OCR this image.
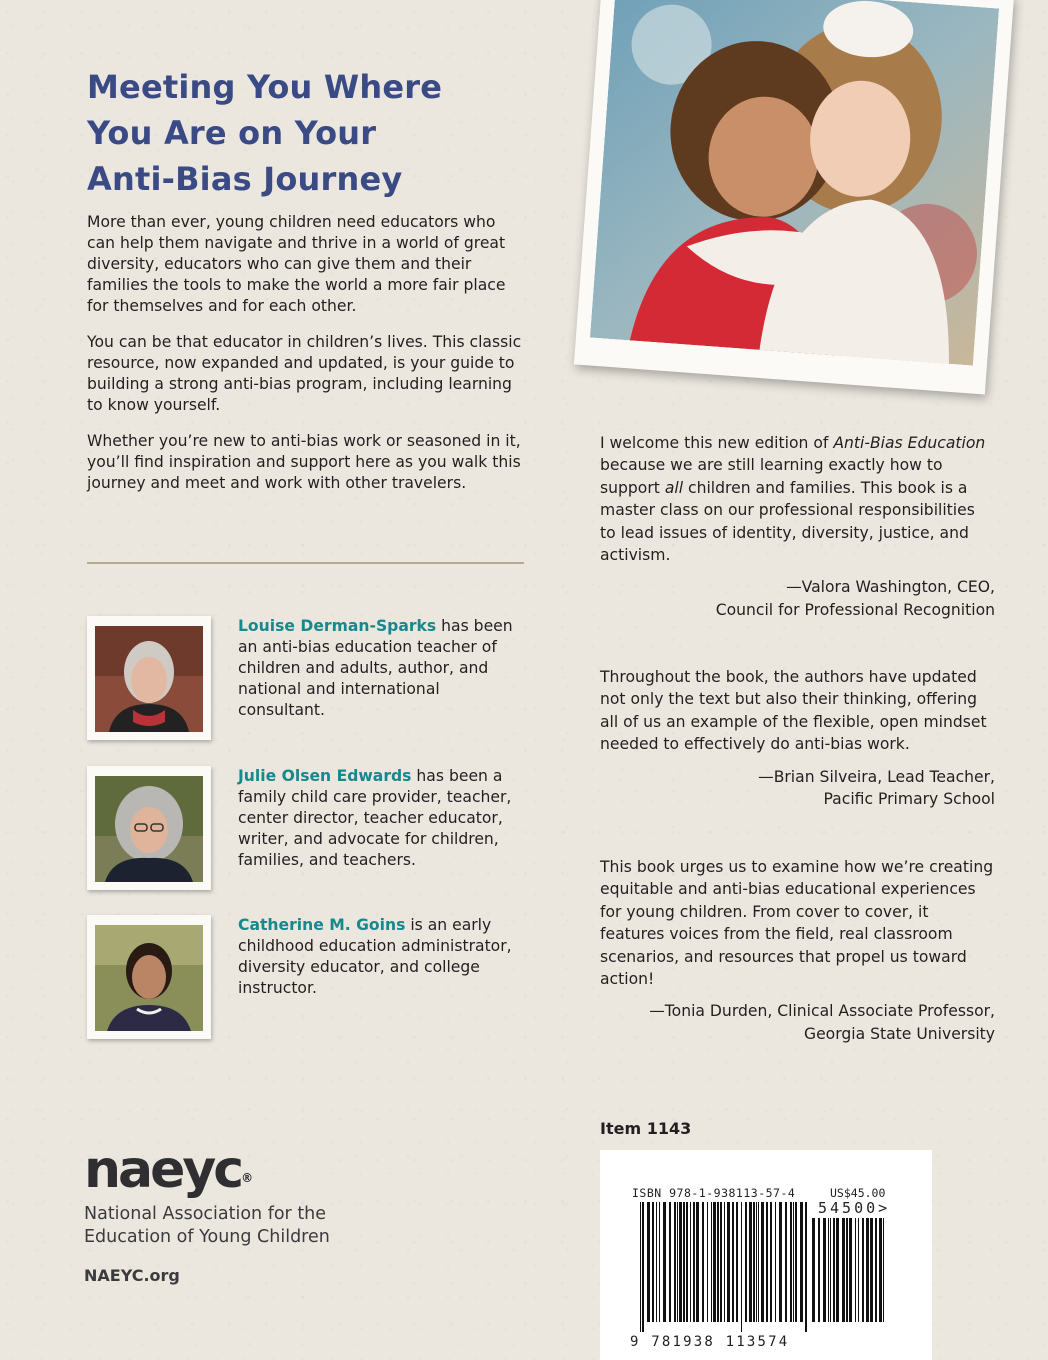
Meeting You Where
You Are on Your
Anti-Bias Journey

More than ever, young children need educators who can help them navigate and thrive in a world of great diversity, educators who can give them and their families the tools to make the world a more fair place for themselves and for each other.

You can be that educator in children’s lives. This classic resource, now expanded and updated, is your guide to building a strong anti-bias program, including learning to know yourself.

Whether you’re new to anti-bias work or seasoned in it, you’ll find inspiration and support here as you walk this journey and meet and work with other travelers.

Louise Derman-Sparks has been an anti-bias education teacher of children and adults, author, and national and international consultant.
Julie Olsen Edwards has been a family child care provider, teacher, center director, teacher educator, writer, and advocate for children, families, and teachers.
Catherine M. Goins is an early childhood education administrator, diversity educator, and college instructor.

I welcome this new edition of Anti-Bias Education because we are still learning exactly how to support all children and families. This book is a master class on our professional responsibilities to lead issues of identity, diversity, justice, and activism.

—Valora Washington, CEO,
Council for Professional Recognition

Throughout the book, the authors have updated not only the text but also their thinking, offering all of us an example of the flexible, open mindset needed to effectively do anti-bias work.

—Brian Silveira, Lead Teacher,
Pacific Primary School

This book urges us to examine how we’re creating equitable and anti-bias educational experiences for young children. From cover to cover, it features voices from the field, real classroom scenarios, and resources that propel us toward action!

—Tonia Durden, Clinical Associate Professor,
Georgia State University

Item 1143
ISBN 978-1-938113-57-4	US$45.00
54500>
9 781938 113574
naeyc®
National Association for the
Education of Young Children
NAEYC.org
